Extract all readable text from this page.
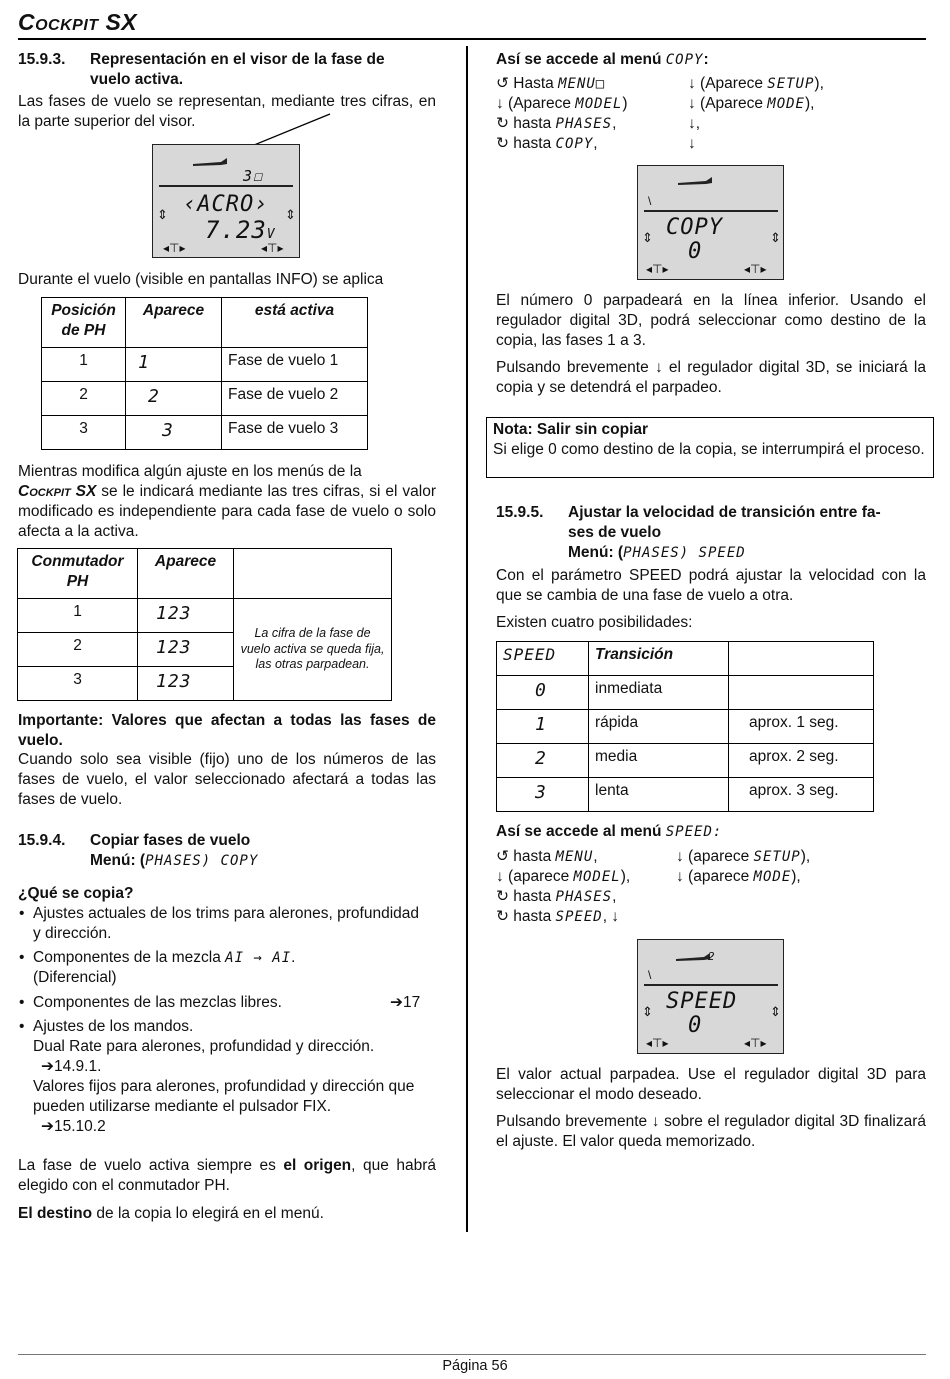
Cockpit SX
15.9.3. Representación en el visor de la fase de
vuelo activa.
Las fases de vuelo se representan, mediante tres cifras, en la parte superior del visor.
3☐
‹ACRO›
7.23V
⇕	⇕
◂⊤▸	◂⊤▸
Durante el vuelo (visible en pantallas INFO) se aplica
Posición de PH	Aparece	está activa
1	1	Fase de vuelo 1
2	2	Fase de vuelo 2
3	3	Fase de vuelo 3
Mientras modifica algún ajuste en los menús de la
Cockpit SX se le indicará mediante las tres cifras, si el valor modificado es independiente para cada fase de vuelo o solo afecta a la activa.
Conmutador PH	Aparece	
1	123	La cifra de la fase de vuelo activa se queda fija, las otras parpadean.
2	123	
3	123	
Importante: Valores que afectan a todas las fases de vuelo.
Cuando solo sea visible (fijo) uno de los números de las fases de vuelo, el valor seleccionado afectará a todas las fases de vuelo.
15.9.4. Copiar fases de vuelo
Menú: (PHASES) COPY
¿Qué se copia?
• Ajustes actuales de los trims para alerones, profundidad y dirección.
• Componentes de la mezcla AI → AI.
(Diferencial)
• Componentes de las mezclas libres.	➔17
• Ajustes de los mandos.
Dual Rate para alerones, profundidad y dirección.
➔14.9.1.
Valores fijos para alerones, profundidad y dirección que pueden utilizarse mediante el pulsador FIX.
➔15.10.2
La fase de vuelo activa siempre es el origen, que habrá elegido con el conmutador PH.
El destino de la copia lo elegirá en el menú.
Así se accede al menú COPY:
↺ Hasta MENU□	↓ (Aparece SETUP),
↓ (Aparece MODEL)	↓ (Aparece MODE),
↻ hasta PHASES,	↓,
↻ hasta COPY,	↓
\
COPY
0
⇕	⇕
◂⊤▸	◂⊤▸
El número 0 parpadeará en la línea inferior. Usando el regulador digital 3D, podrá seleccionar como destino de la copia, las fases 1 a 3.
Pulsando brevemente ↓ el regulador digital 3D, se iniciará la copia y se detendrá el parpadeo.
Nota: Salir sin copiar
Si elige 0 como destino de la copia, se interrumpirá el proceso.
15.9.5. Ajustar la velocidad de transición entre fa-
ses de vuelo
Menú: (PHASES) SPEED
Con el parámetro SPEED podrá ajustar la velocidad con la que se cambia de una fase de vuelo a otra.
Existen cuatro posibilidades:
SPEED	Transición	
0	inmediata	
1	rápida	aprox. 1 seg.
2	media	aprox. 2 seg.
3	lenta	aprox. 3 seg.
Así se accede al menú SPEED:
↺ hasta MENU,	↓ (aparece SETUP),
↓ (aparece MODEL),	↓ (aparece MODE),
↻ hasta PHASES,
↻ hasta SPEED, ↓
\
2
SPEED
0
⇕	⇕
◂⊤▸	◂⊤▸
El valor actual parpadea. Use el regulador digital 3D para seleccionar el modo deseado.
Pulsando brevemente ↓ sobre el regulador digital 3D finalizará el ajuste. El valor queda memorizado.
Página 56
